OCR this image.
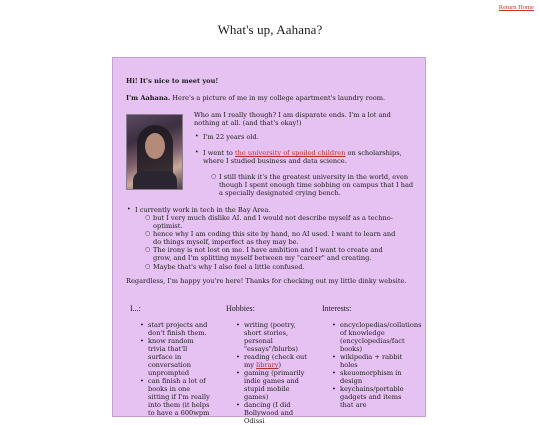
Return Home
What's up, Aahana?
Hi! It's nice to meet you!
I'm Aahana. Here's a picture of me in my college apartment's laundry room.
Who am I really though? I am disparate ends. I'm a lot and nothing at all. (and that's okay!)
• I'm 22 years old.
• I went to the university of spoiled children on scholarships, where I studied business and data science.
○ I still think it's the greatest university in the world, even though I spent enough time sobbing on campus that I had a specially designated crying bench.
• I currently work in tech in the Bay Area.
○ but I very much dislike AI. and I would not describe myself as a techno-optimist.
○ hence why I am coding this site by hand, no AI used. I want to learn and do things myself, imperfect as they may be.
○ The irony is not lost on me. I have ambition and I want to create and grow, and I'm splitting myself between my "career" and creating.
○ Maybe that's why I also feel a little confused.
Regardless, I'm happy you're here! Thanks for checking out my little dinky website.
I...:
• start projects and don't finish them.
• know random trivia that'll surface in conversation unprompted
• can finish a lot of books in one sitting if I'm really into them (it helps to have a 600wpm
Hobbies:
• writing (poetry, short stories, personal "essays"/blurbs)
• reading (check out my library)
• gaming (primarily indie games and stupid mobile games)
• dancing (I did Bollywood and Odissi
Interests:
• encyclopedias/collations of knowledge (encyclopedias/fact books)
• wikipedia + rabbit holes
• skeuomorphism in design
• keychains/portable gadgets and items that are
